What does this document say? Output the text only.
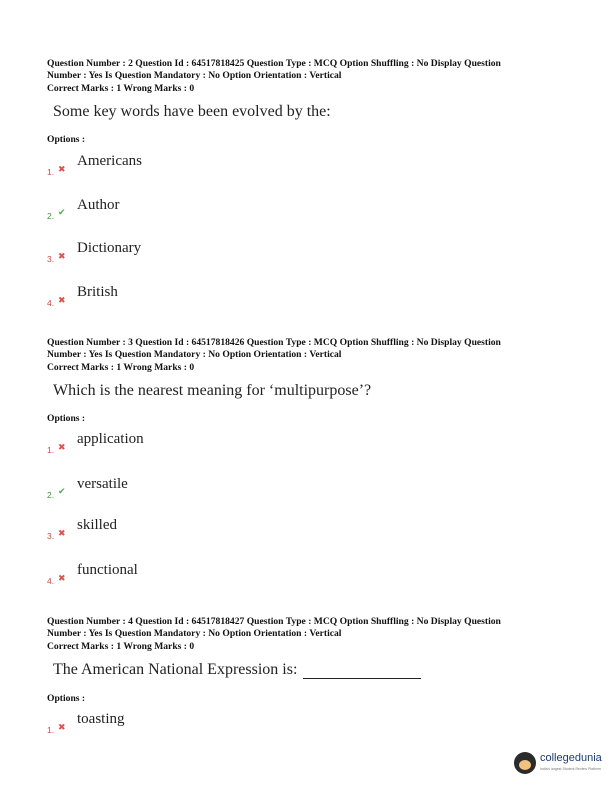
Question Number : 2 Question Id : 64517818425 Question Type : MCQ Option Shuffling : No Display Question
Number : Yes Is Question Mandatory : No Option Orientation : Vertical
Correct Marks : 1 Wrong Marks : 0

Some key words have been evolved by the:

Options :

Americans
1. ✖
Author
2. ✔
Dictionary
3. ✖
British
4. ✖

Question Number : 3 Question Id : 64517818426 Question Type : MCQ Option Shuffling : No Display Question
Number : Yes Is Question Mandatory : No Option Orientation : Vertical
Correct Marks : 1 Wrong Marks : 0

Which is the nearest meaning for ‘multipurpose’?

Options :

application
1. ✖
versatile
2. ✔
skilled
3. ✖
functional
4. ✖

Question Number : 4 Question Id : 64517818427 Question Type : MCQ Option Shuffling : No Display Question
Number : Yes Is Question Mandatory : No Option Orientation : Vertical
Correct Marks : 1 Wrong Marks : 0

The American National Expression is:

Options :

toasting
1. ✖
collegedunia
India's largest Student Review Platform
